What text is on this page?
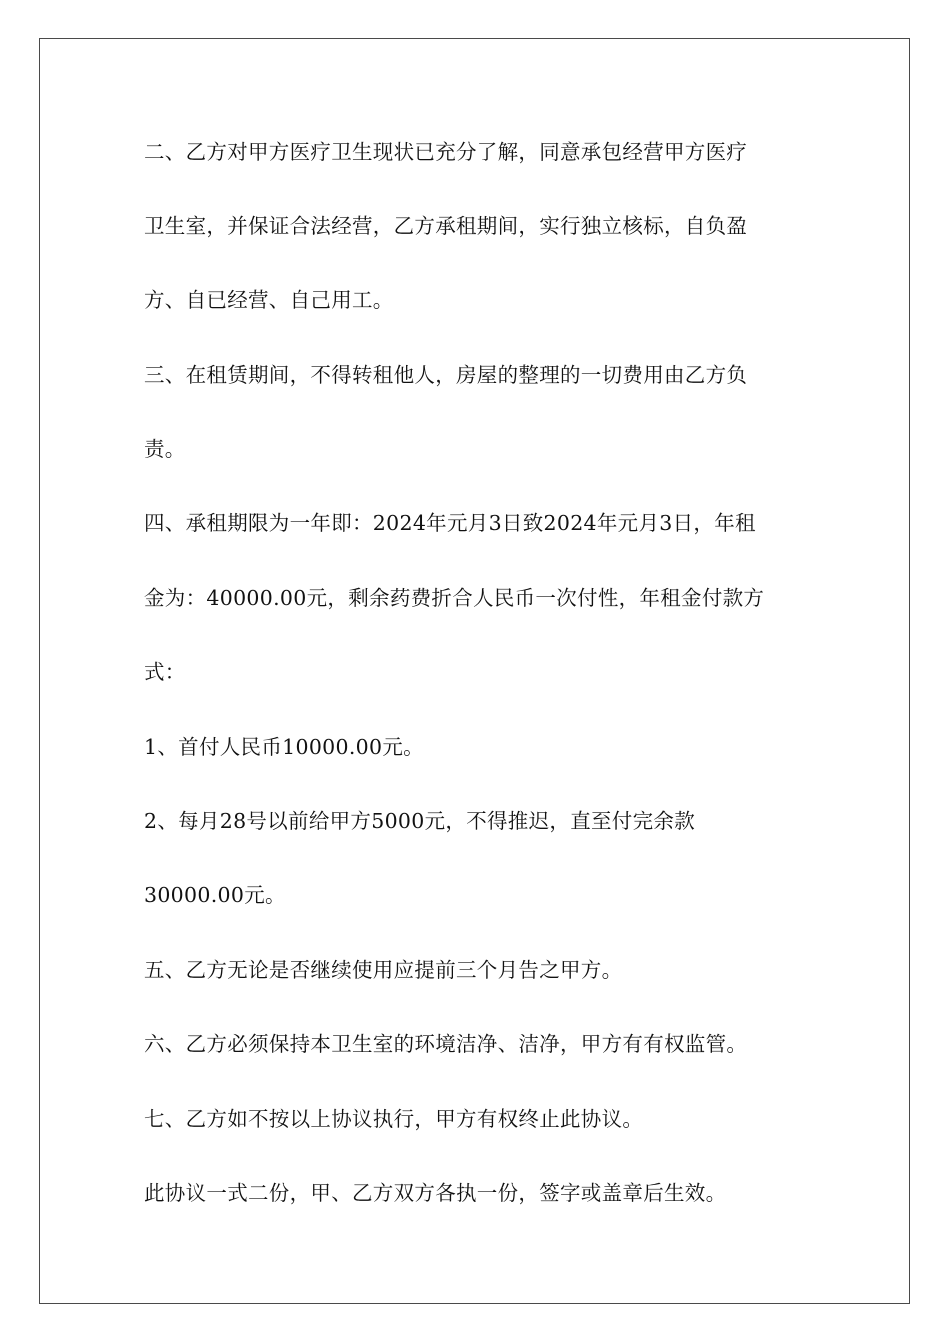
二、乙方对甲方医疗卫生现状已充分了解，同意承包经营甲方医疗
卫生室，并保证合法经营，乙方承租期间，实行独立核标，自负盈
方、自已经营、自己用工。
三、在租赁期间，不得转租他人，房屋的整理的一切费用由乙方负
责。
四、承租期限为一年即：2024年元月3日致2024年元月3日，年租
金为：40000.00元，剩余药费折合人民币一次付性，年租金付款方
式：
1、首付人民币10000.00元。
2、每月28号以前给甲方5000元，不得推迟，直至付完余款
30000.00元。
五、乙方无论是否继续使用应提前三个月告之甲方。
六、乙方必须保持本卫生室的环境洁净、洁净，甲方有有权监管。
七、乙方如不按以上协议执行，甲方有权终止此协议。
此协议一式二份，甲、乙方双方各执一份，签字或盖章后生效。
